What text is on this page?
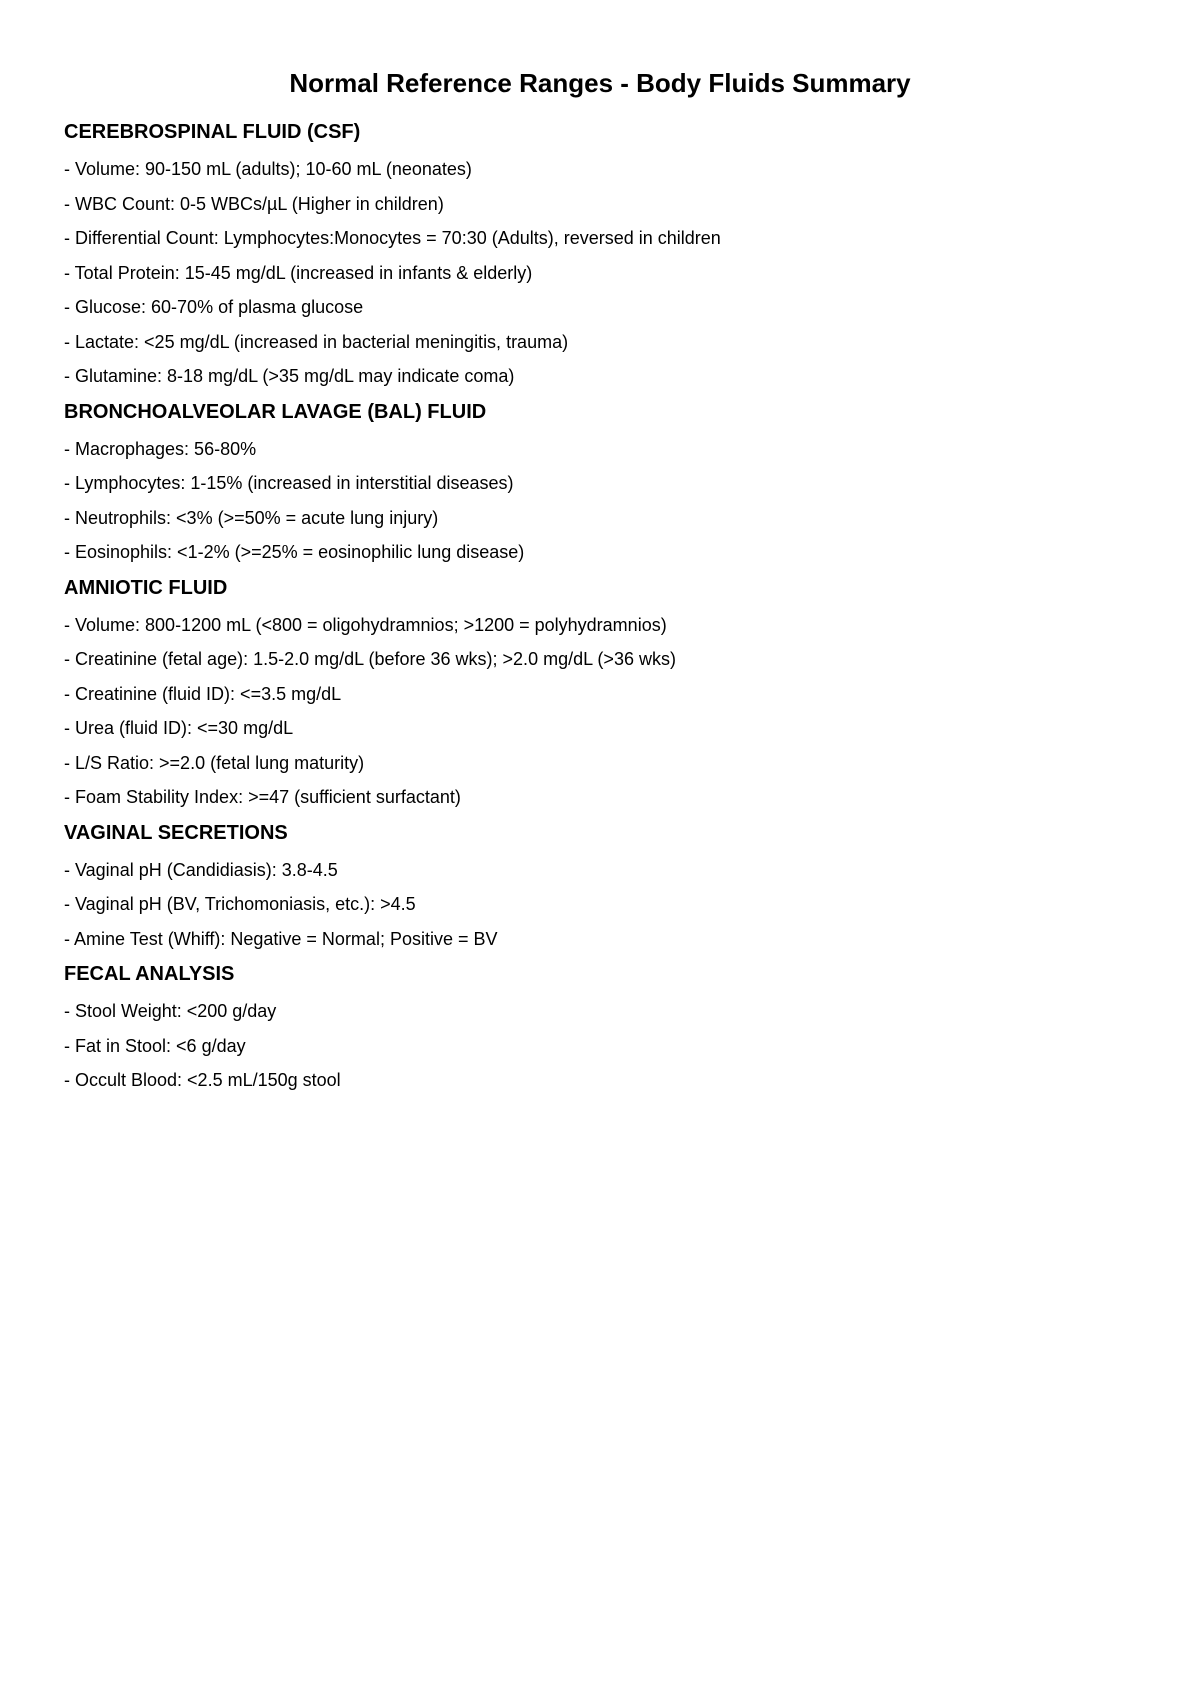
Normal Reference Ranges - Body Fluids Summary
CEREBROSPINAL FLUID (CSF)
- Volume: 90-150 mL (adults); 10-60 mL (neonates)
- WBC Count: 0-5 WBCs/µL (Higher in children)
- Differential Count: Lymphocytes:Monocytes = 70:30 (Adults), reversed in children
- Total Protein: 15-45 mg/dL (increased in infants & elderly)
- Glucose: 60-70% of plasma glucose
- Lactate: <25 mg/dL (increased in bacterial meningitis, trauma)
- Glutamine: 8-18 mg/dL (>35 mg/dL may indicate coma)
BRONCHOALVEOLAR LAVAGE (BAL) FLUID
- Macrophages: 56-80%
- Lymphocytes: 1-15% (increased in interstitial diseases)
- Neutrophils: <3% (>=50% = acute lung injury)
- Eosinophils: <1-2% (>=25% = eosinophilic lung disease)
AMNIOTIC FLUID
- Volume: 800-1200 mL (<800 = oligohydramnios; >1200 = polyhydramnios)
- Creatinine (fetal age): 1.5-2.0 mg/dL (before 36 wks); >2.0 mg/dL (>36 wks)
- Creatinine (fluid ID): <=3.5 mg/dL
- Urea (fluid ID): <=30 mg/dL
- L/S Ratio: >=2.0 (fetal lung maturity)
- Foam Stability Index: >=47 (sufficient surfactant)
VAGINAL SECRETIONS
- Vaginal pH (Candidiasis): 3.8-4.5
- Vaginal pH (BV, Trichomoniasis, etc.): >4.5
- Amine Test (Whiff): Negative = Normal; Positive = BV
FECAL ANALYSIS
- Stool Weight: <200 g/day
- Fat in Stool: <6 g/day
- Occult Blood: <2.5 mL/150g stool
